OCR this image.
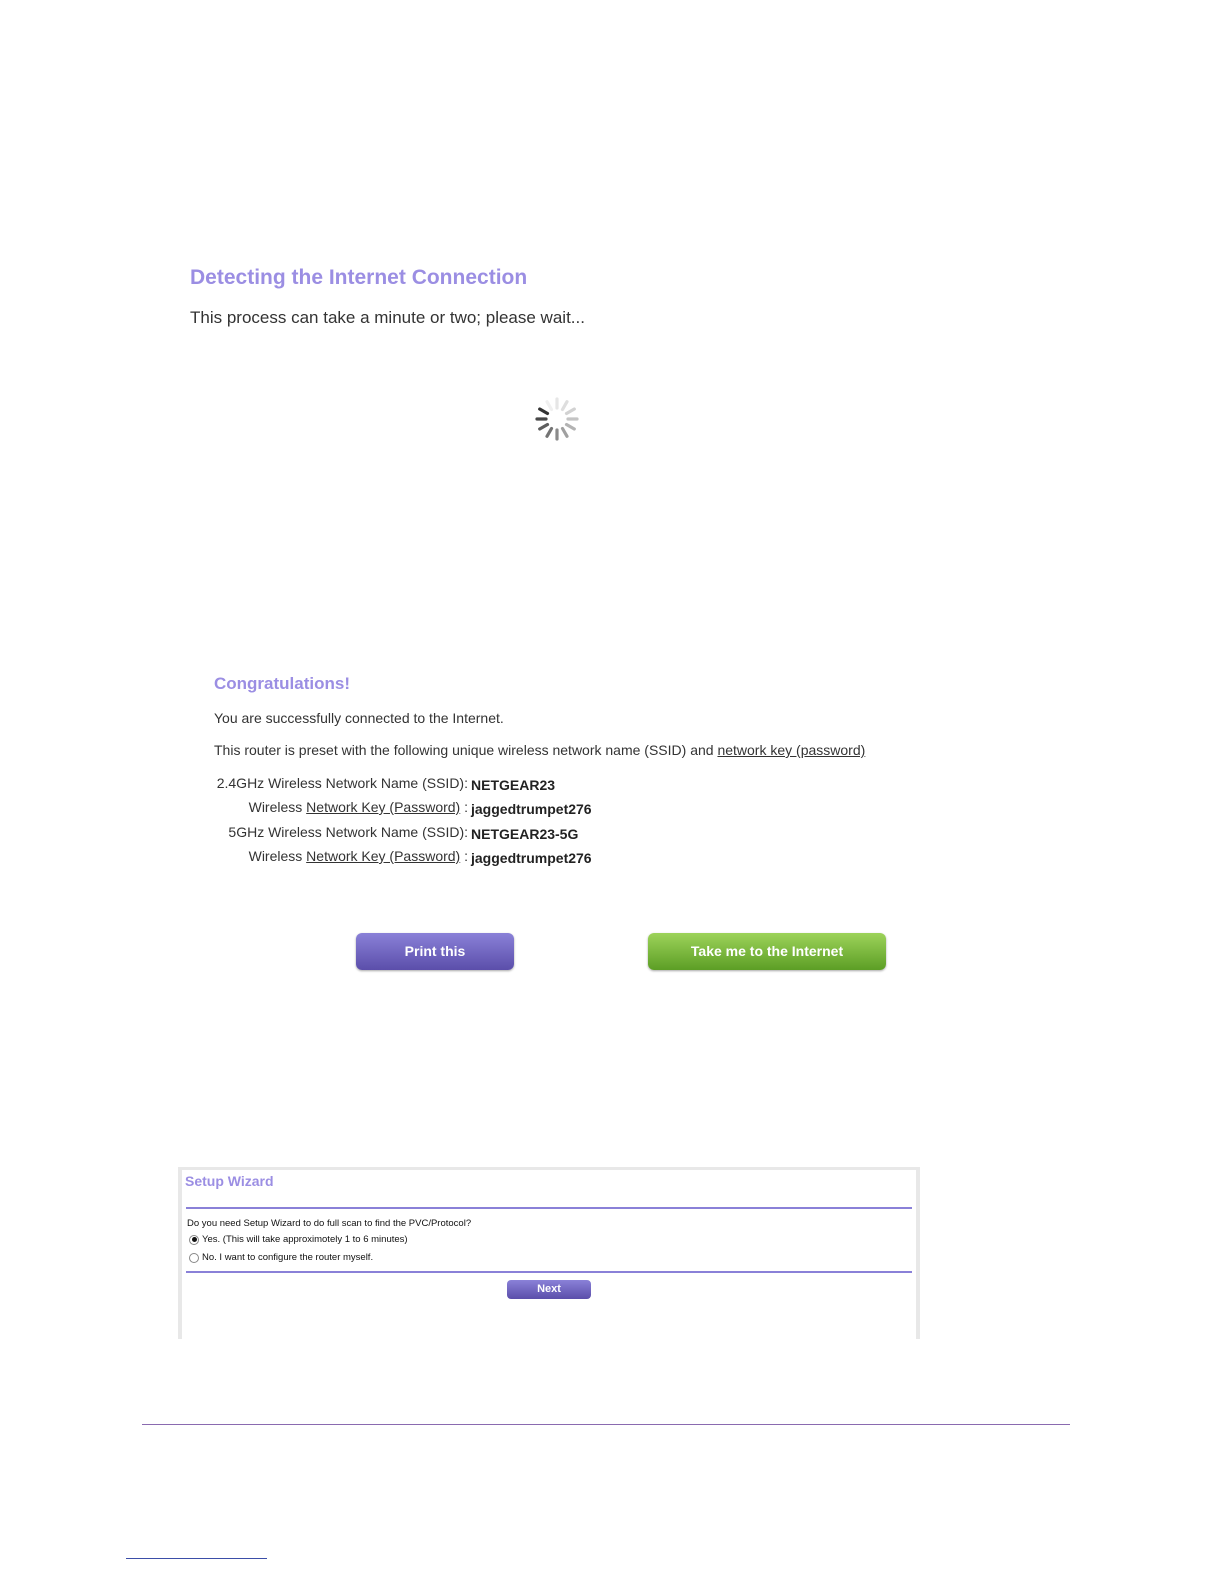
Detecting the Internet Connection
This process can take a minute or two; please wait...
Congratulations!
You are successfully connected to the Internet.
This router is preset with the following unique wireless network name (SSID) and network key (password)
2.4GHz Wireless Network Name (SSID): NETGEAR23
Wireless Network Key (Password) : jaggedtrumpet276
5GHz Wireless Network Name (SSID): NETGEAR23-5G
Wireless Network Key (Password) : jaggedtrumpet276
Print this	Take me to the Internet
Setup Wizard
Do you need Setup Wizard to do full scan to find the PVC/Protocol?
Yes. (This will take approximotely 1 to 6 minutes)
No. I want to configure the router myself.
Next
